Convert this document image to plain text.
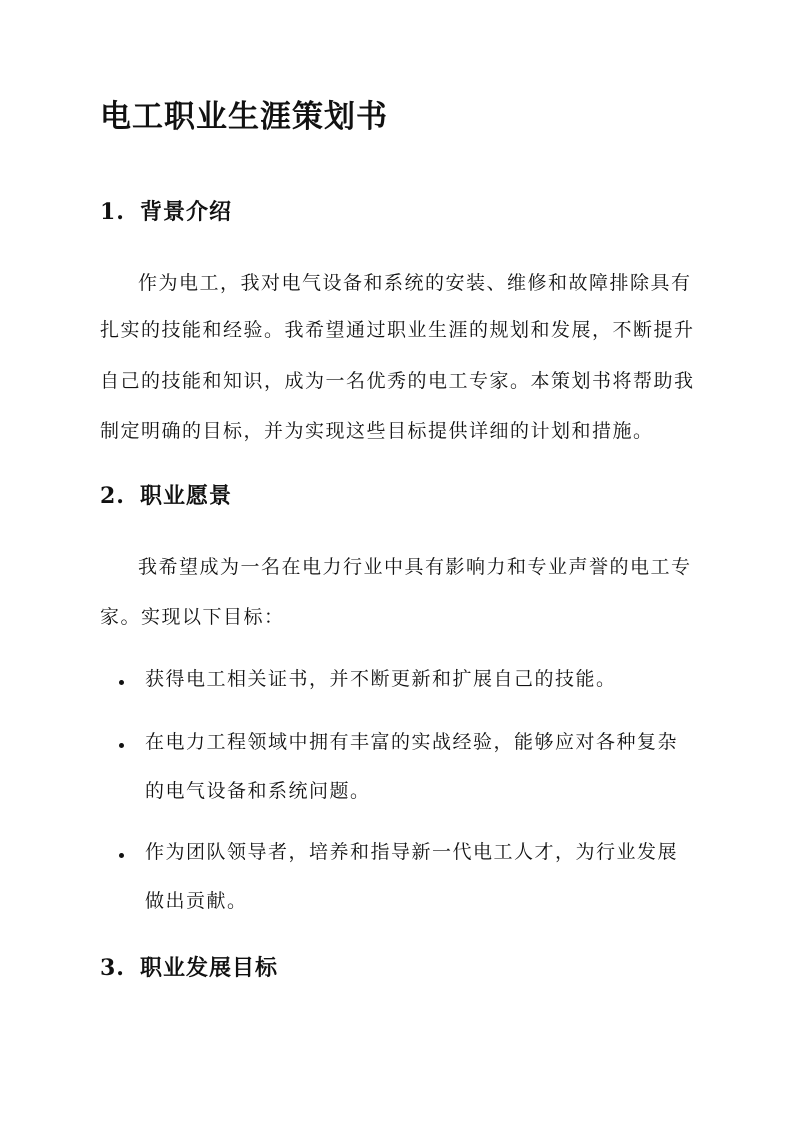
电工职业生涯策划书
1. 背景介绍
作为电工，我对电气设备和系统的安装、维修和故障排除具有
扎实的技能和经验。我希望通过职业生涯的规划和发展，不断提升
自己的技能和知识，成为一名优秀的电工专家。本策划书将帮助我
制定明确的目标，并为实现这些目标提供详细的计划和措施。
2. 职业愿景
我希望成为一名在电力行业中具有影响力和专业声誉的电工专
家。实现以下目标：
获得电工相关证书，并不断更新和扩展自己的技能。
在电力工程领域中拥有丰富的实战经验，能够应对各种复杂
的电气设备和系统问题。
作为团队领导者，培养和指导新一代电工人才，为行业发展
做出贡献。
3. 职业发展目标
